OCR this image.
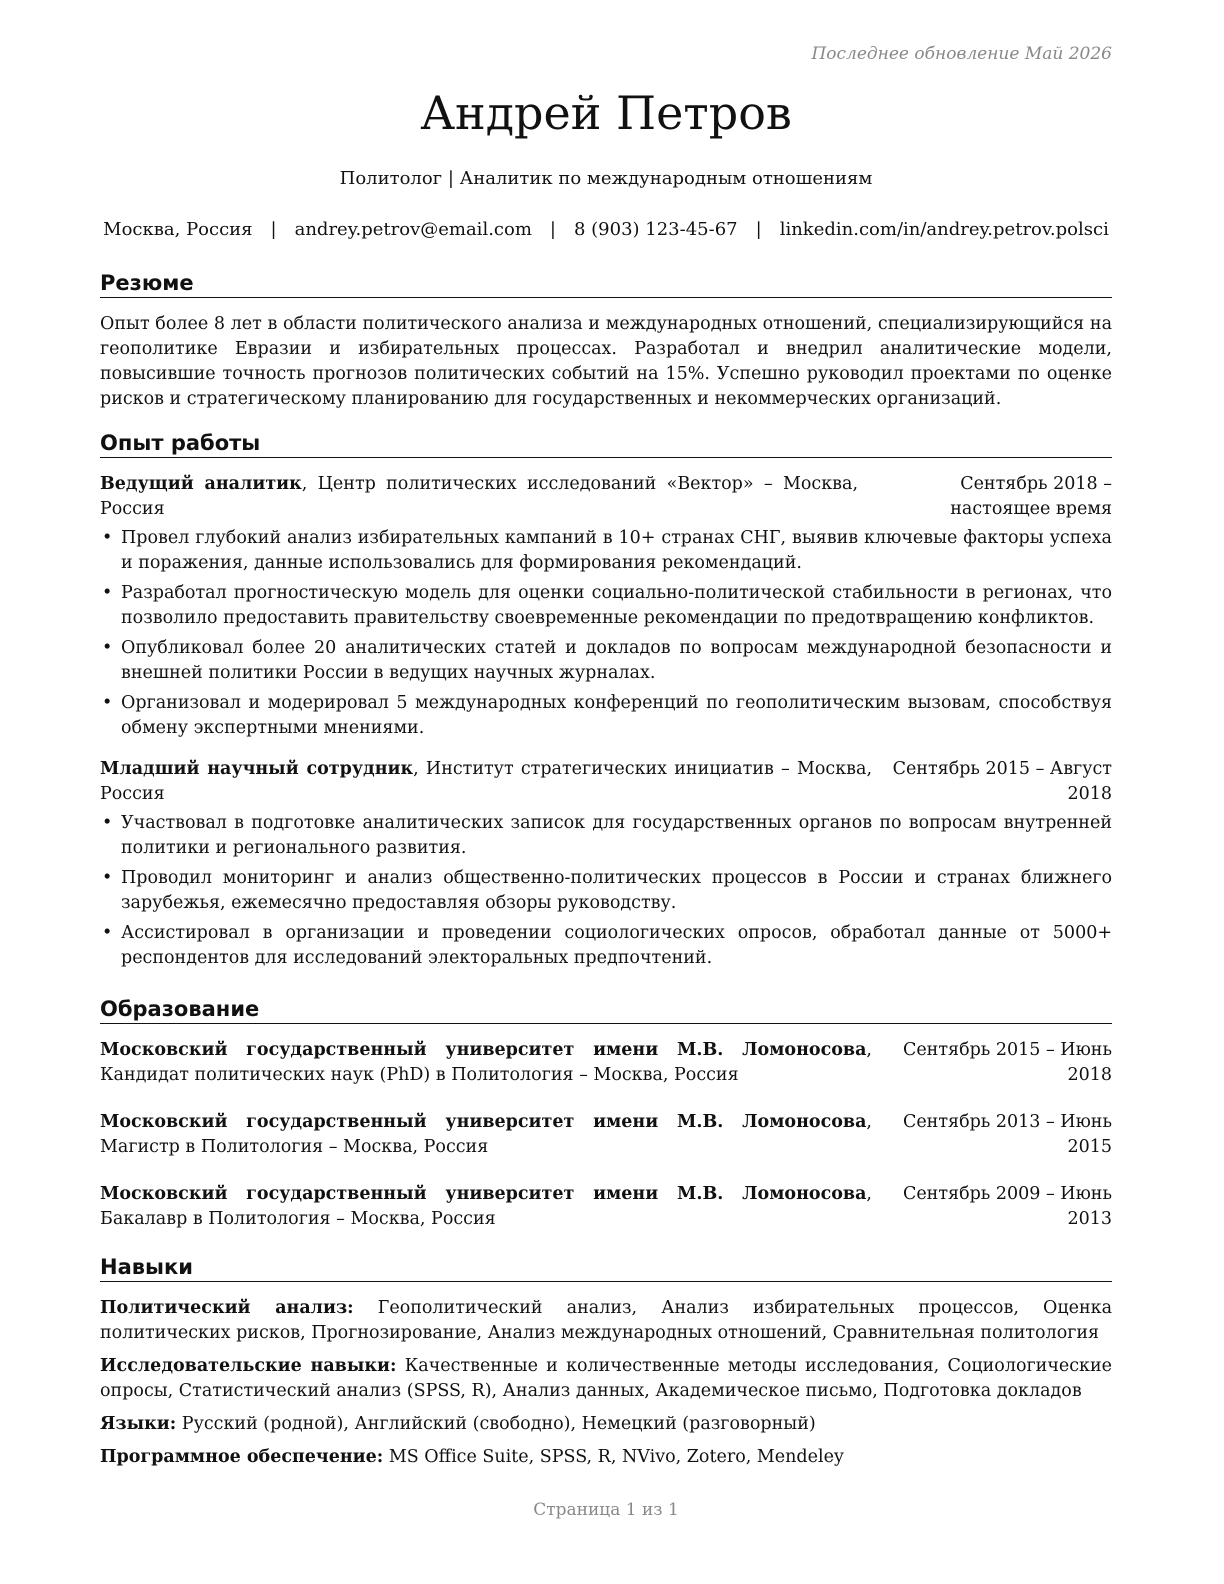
Последнее обновление Май 2026
Андрей Петров
Политолог | Аналитик по международным отношениям
Москва, Россия | andrey.petrov@email.com | 8 (903) 123-45-67 | linkedin.com/in/andrey.petrov.polsci
Резюме

Опыт более 8 лет в области политического анализа и международных отношений, специализирующийся на геополитике Евразии и избирательных процессах. Разработал и внедрил аналитические модели, повысившие точность прогнозов политических событий на 15%. Успешно руководил проектами по оценке рисков и стратегическому планированию для государственных и некоммерческих организаций.

Опыт работы
Ведущий аналитик, Центр политических исследований «Вектор» – Москва, Россия
Сентябрь 2018 – настоящее время
• Провел глубокий анализ избирательных кампаний в 10+ странах СНГ, выявив ключевые факторы успеха и поражения, данные использовались для формирования рекомендаций.
• Разработал прогностическую модель для оценки социально-политической стабильности в регионах, что позволило предоставить правительству своевременные рекомендации по предотвращению конфликтов.
• Опубликовал более 20 аналитических статей и докладов по вопросам международной безопасности и внешней политики России в ведущих научных журналах.
• Организовал и модерировал 5 международных конференций по геополитическим вызовам, способствуя обмену экспертными мнениями.
Младший научный сотрудник, Институт стратегических инициатив – Москва, Россия
Сентябрь 2015 – Август 2018
• Участвовал в подготовке аналитических записок для государственных органов по вопросам внутренней политики и регионального развития.
• Проводил мониторинг и анализ общественно-политических процессов в России и странах ближнего зарубежья, ежемесячно предоставляя обзоры руководству.
• Ассистировал в организации и проведении социологических опросов, обработал данные от 5000+ респондентов для исследований электоральных предпочтений.
Образование
Московский государственный университет имени М.В. Ломоносова, Кандидат политических наук (PhD) в Политология – Москва, Россия
Сентябрь 2015 – Июнь 2018
Московский государственный университет имени М.В. Ломоносова, Магистр в Политология – Москва, Россия
Сентябрь 2013 – Июнь 2015
Московский государственный университет имени М.В. Ломоносова, Бакалавр в Политология – Москва, Россия
Сентябрь 2009 – Июнь 2013
Навыки

Политический анализ: Геополитический анализ, Анализ избирательных процессов, Оценка политических рисков, Прогнозирование, Анализ международных отношений, Сравнительная политология

Исследовательские навыки: Качественные и количественные методы исследования, Социологические опросы, Статистический анализ (SPSS, R), Анализ данных, Академическое письмо, Подготовка докладов

Языки: Русский (родной), Английский (свободно), Немецкий (разговорный)

Программное обеспечение: MS Office Suite, SPSS, R, NVivo, Zotero, Mendeley

Страница 1 из 1
